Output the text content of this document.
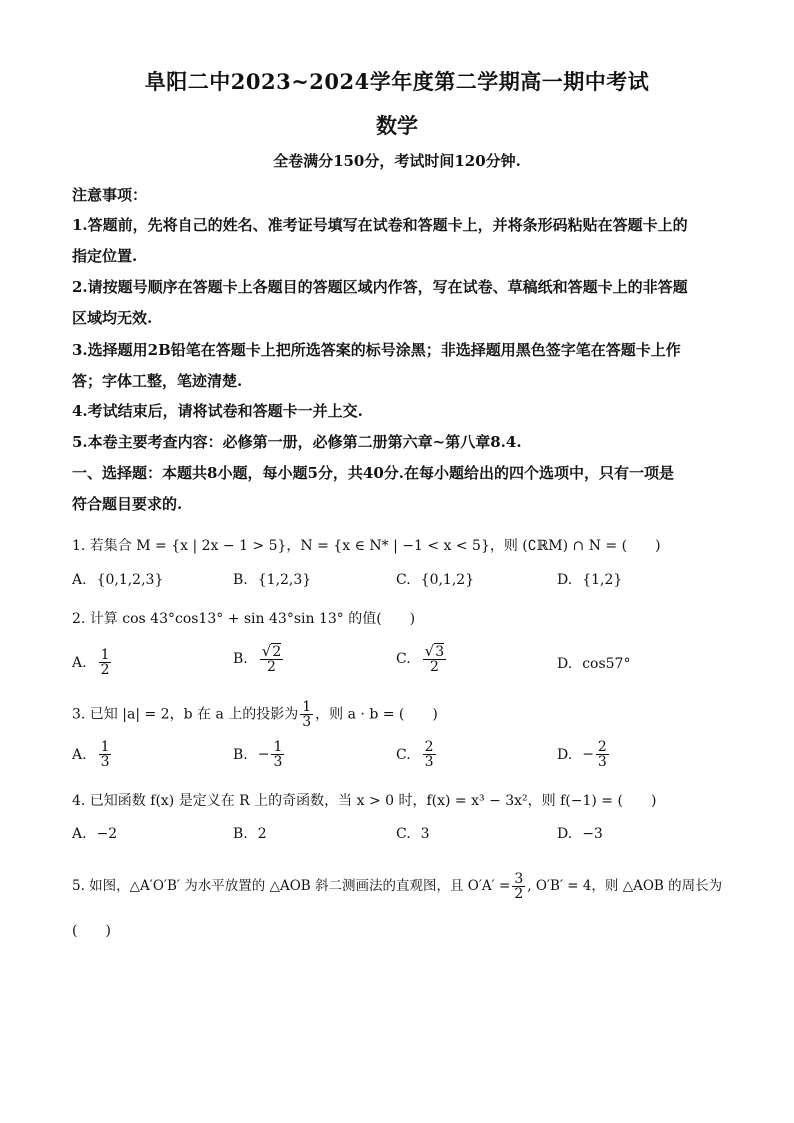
阜阳二中2023~2024学年度第二学期高一期中考试
数学
全卷满分150分，考试时间120分钟.
注意事项：
1.答题前，先将自己的姓名、准考证号填写在试卷和答题卡上，并将条形码粘贴在答题卡上的
指定位置.
2.请按题号顺序在答题卡上各题目的答题区域内作答，写在试卷、草稿纸和答题卡上的非答题
区域均无效.
3.选择题用2B铅笔在答题卡上把所选答案的标号涂黑；非选择题用黑色签字笔在答题卡上作
答；字体工整，笔迹清楚.
4.考试结束后，请将试卷和答题卡一并上交.
5.本卷主要考查内容：必修第一册，必修第二册第六章~第八章8.4.
一、选择题：本题共8小题，每小题5分，共40分.在每小题给出的四个选项中，只有一项是
符合题目要求的.
1. 若集合 M = {x | 2x − 1 > 5}，N = {x ∈ N* | −1 < x < 5}，则 (∁ℝM) ∩ N = (　　)
A. {0,1,2,3}	B. {1,2,3}	C. {0,1,2}	D. {1,2}
2. 计算 cos 43°cos13° + sin 43°sin 13° 的值(　　)
A. $\frac{1}{2}$	B. $\frac{√2}{2}$	C. $\frac{√3}{2}$	D. cos57°
3. 已知 |a| = 2，b 在 a 上的投影为 $\frac{1}{3}$ ，则 a · b = (　　)
A. $\frac{1}{3}$	B. − $\frac{1}{3}$	C. $\frac{2}{3}$	D. − $\frac{2}{3}$
4. 已知函数 f(x) 是定义在 R 上的奇函数，当 x > 0 时，f(x) = x³ − 3x²，则 f(−1) = (　　)
A. −2	B. 2	C. 3	D. −3
5. 如图，△A′O′B′ 为水平放置的 △AOB 斜二测画法的直观图，且 $O'A' = \frac{3}{2}$ , O′B′ = 4，则 △AOB 的周长为
(　　)
